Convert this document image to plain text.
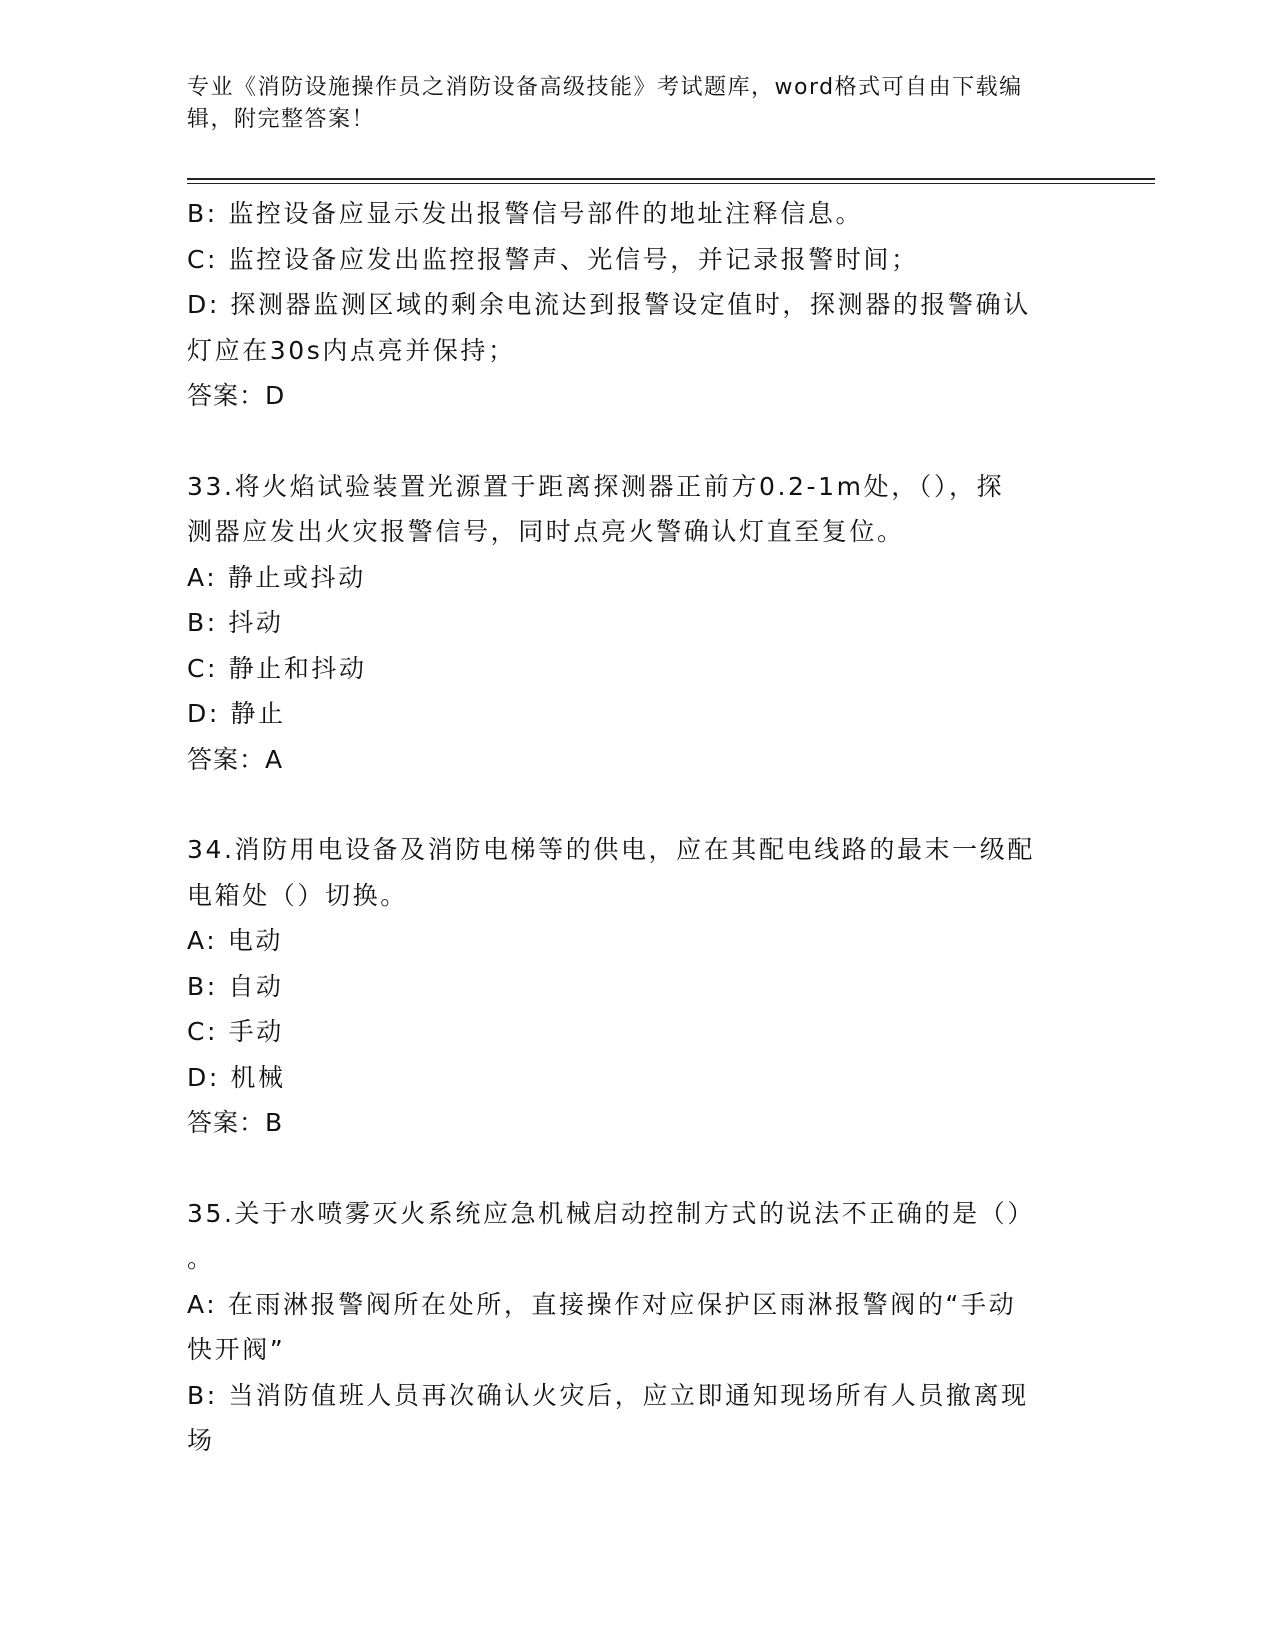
专业《消防设施操作员之消防设备高级技能》考试题库，word格式可自由下载编辑，附完整答案！
B: 监控设备应显示发出报警信号部件的地址注释信息。
C: 监控设备应发出监控报警声、光信号，并记录报警时间；
D: 探测器监测区域的剩余电流达到报警设定值时，探测器的报警确认
灯应在30s内点亮并保持；
答案：D
33.将火焰试验装置光源置于距离探测器正前方0.2-1m处，（），探
测器应发出火灾报警信号，同时点亮火警确认灯直至复位。
A: 静止或抖动
B: 抖动
C: 静止和抖动
D: 静止
答案：A
34.消防用电设备及消防电梯等的供电，应在其配电线路的最末一级配
电箱处（）切换。
A: 电动
B: 自动
C: 手动
D: 机械
答案：B
35.关于水喷雾灭火系统应急机械启动控制方式的说法不正确的是（）
。
A: 在雨淋报警阀所在处所，直接操作对应保护区雨淋报警阀的“手动
快开阀”
B: 当消防值班人员再次确认火灾后，应立即通知现场所有人员撤离现
场
